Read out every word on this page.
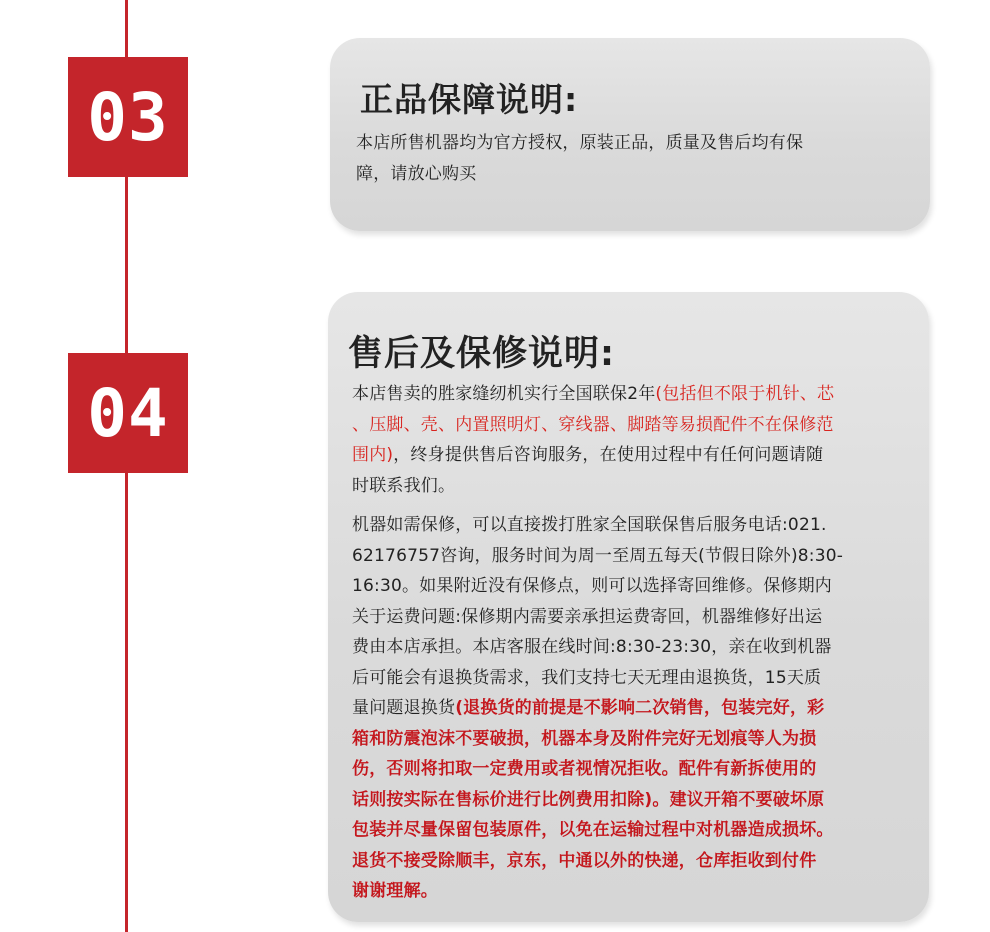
03	正品保障说明:
本店所售机器均为官方授权，原装正品，质量及售后均有保
障，请放心购买
04
售后及保修说明:
本店售卖的胜家缝纫机实行全国联保2年(包括但不限于机针、芯
、压脚、壳、内置照明灯、穿线器、脚踏等易损配件不在保修范
围内)，终身提供售后咨询服务，在使用过程中有任何问题请随
时联系我们。
机器如需保修，可以直接拨打胜家全国联保售后服务电话:021.
62176757咨询，服务时间为周一至周五每天(节假日除外)8:30-
16:30。如果附近没有保修点，则可以选择寄回维修。保修期内
关于运费问题:保修期内需要亲承担运费寄回，机器维修好出运
费由本店承担。本店客服在线时间:8:30-23:30，亲在收到机器
后可能会有退换货需求，我们支持七天无理由退换货，15天质
量问题退换货(退换货的前提是不影响二次销售，包装完好，彩
箱和防震泡沫不要破损，机器本身及附件完好无划痕等人为损
伤，否则将扣取一定费用或者视情况拒收。配件有新拆使用的
话则按实际在售标价进行比例费用扣除)。建议开箱不要破坏原
包装并尽量保留包装原件，以免在运输过程中对机器造成损坏。
退货不接受除顺丰，京东，中通以外的快递，仓库拒收到付件
谢谢理解。
